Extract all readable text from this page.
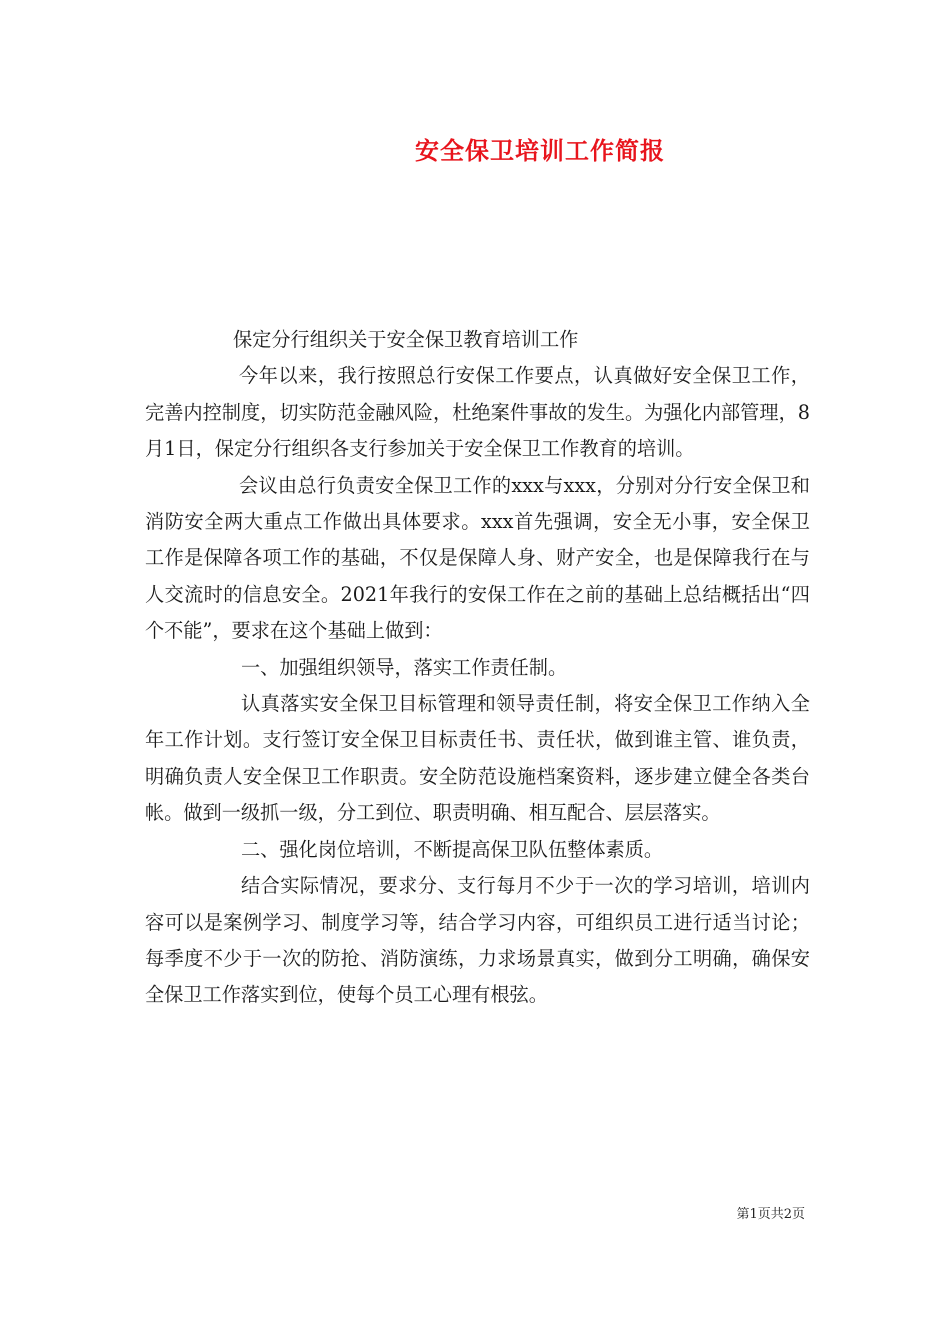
安全保卫培训工作简报

保定分行组织关于安全保卫教育培训工作

今年以来，我行按照总行安保工作要点，认真做好安全保卫工作，完善内控制度，切实防范金融风险，杜绝案件事故的发生。为强化内部管理，8月1日，保定分行组织各支行参加关于安全保卫工作教育的培训。

会议由总行负责安全保卫工作的xxx与xxx，分别对分行安全保卫和消防安全两大重点工作做出具体要求。xxx首先强调，安全无小事，安全保卫工作是保障各项工作的基础，不仅是保障人身、财产安全，也是保障我行在与人交流时的信息安全。2021年我行的安保工作在之前的基础上总结概括出“四个不能”，要求在这个基础上做到：

一、加强组织领导，落实工作责任制。

认真落实安全保卫目标管理和领导责任制，将安全保卫工作纳入全年工作计划。支行签订安全保卫目标责任书、责任状，做到谁主管、谁负责，明确负责人安全保卫工作职责。安全防范设施档案资料，逐步建立健全各类台帐。做到一级抓一级，分工到位、职责明确、相互配合、层层落实。

二、强化岗位培训，不断提高保卫队伍整体素质。

结合实际情况，要求分、支行每月不少于一次的学习培训，培训内容可以是案例学习、制度学习等，结合学习内容，可组织员工进行适当讨论；每季度不少于一次的防抢、消防演练，力求场景真实，做到分工明确，确保安全保卫工作落实到位，使每个员工心理有根弦。

第1页共2页
